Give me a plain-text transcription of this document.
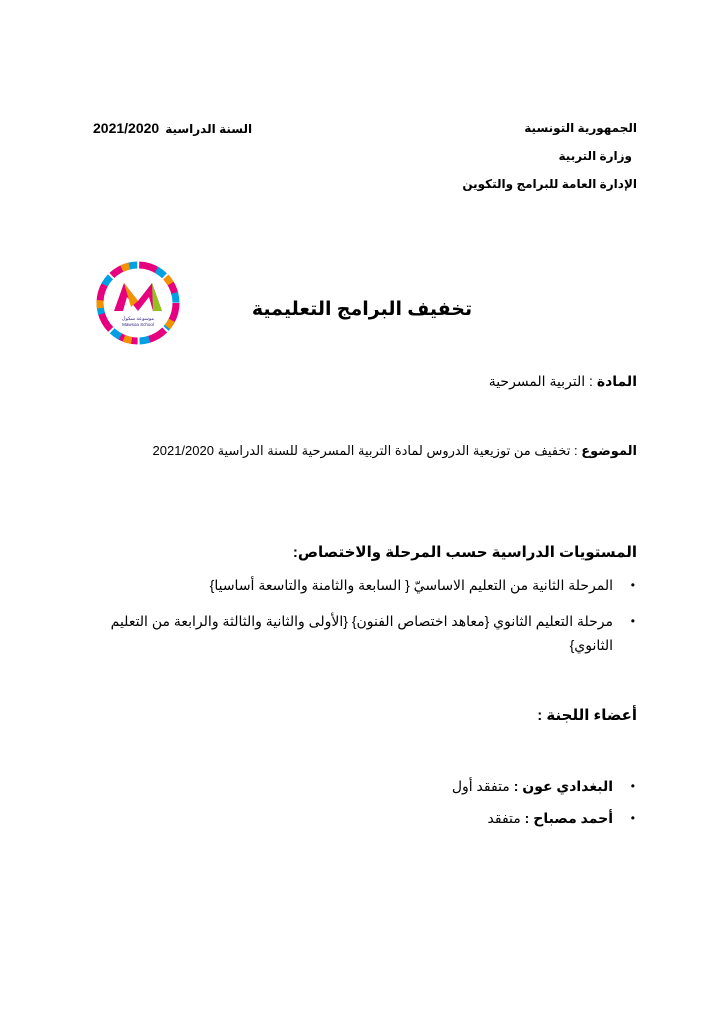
الجمهورية التونسية
وزارة التربية
الإدارة العامة للبرامج والتكوين
السنة الدراسية2021/2020
موسوعة سكول
Mawsoa School
تخفيف البرامج التعليمية
المادة : التربية المسرحية
الموضوع : تخفيف من توزيعية الدروس لمادة التربية المسرحية للسنة الدراسية 2021/2020
المستويات الدراسية حسب المرحلة والاختصاص:
• المرحلة الثانية من التعليم الاساسيّ { السابعة والثامنة والتاسعة أساسيا}
• مرحلة التعليم الثانوي {معاهد اختصاص الفنون} {الأولى والثانية والثالثة والرابعة من التعليم الثانوي}
أعضاء اللجنة :
• البغدادي عون : متفقد أول
• أحمد مصباح : متفقد
